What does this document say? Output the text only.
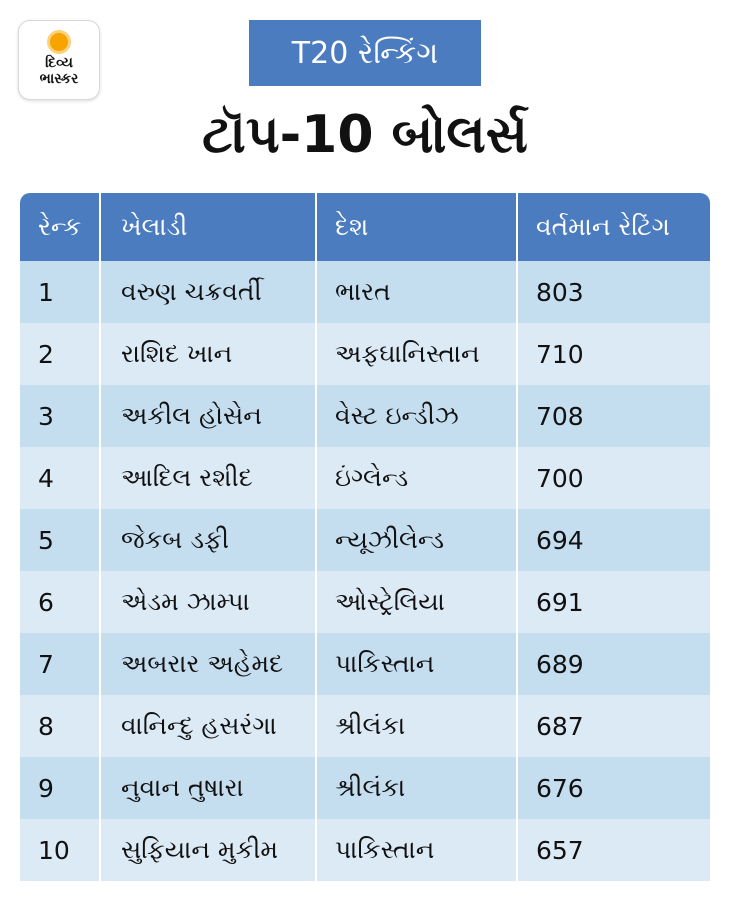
દિવ્ય
ભાસ્કર
T20 રેન્કિંગ
ટૉપ-10 બોલર્સ
રેન્ક	ખેલાડી	દેશ	વર્તમાન રેટિંગ
1	વરુણ ચક્રવર્તી	ભારત	803
2	રાશિદ ખાન	અફઘાનિસ્તાન	710
3	અકીલ હોસેન	વેસ્ટ ઇન્ડીઝ	708
4	આદિલ રશીદ	ઇંગ્લેન્ડ	700
5	જેકબ ડફી	ન્યૂઝીલેન્ડ	694
6	એડમ ઝામ્પા	ઓસ્ટ્રેલિયા	691
7	અબરાર અહેમદ	પાકિસ્તાન	689
8	વાનિન્દુ હસરંગા	શ્રીલંકા	687
9	નુવાન તુષારા	શ્રીલંકા	676
10	સુફિયાન મુકીમ	પાકિસ્તાન	657
